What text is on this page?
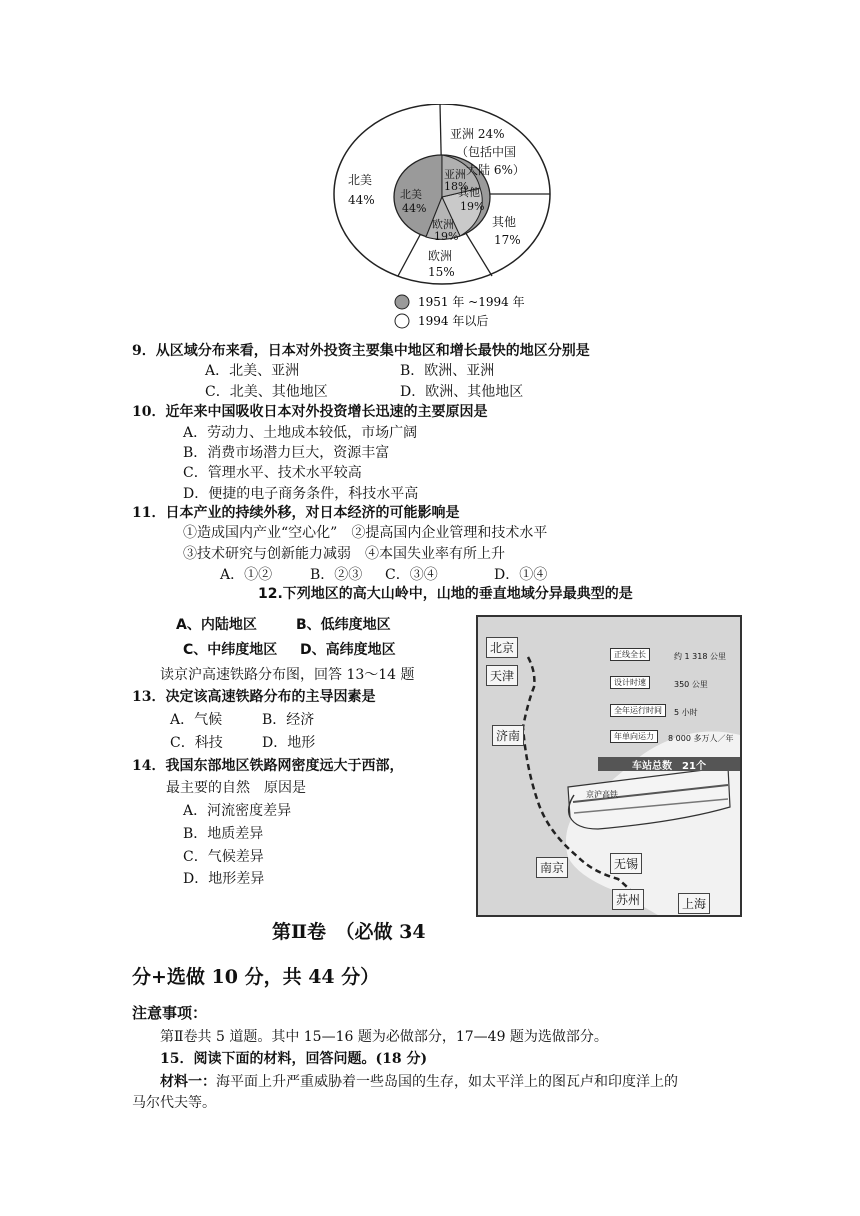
亚洲 24%
（包括中国
大陆 6%）
北美
44%
其他
17%
欧洲
15%
北美
44%
亚洲
18%
其他
19%
欧洲
19%
1951 年 ~1994 年
1994 年以后
9．从区域分布来看，日本对外投资主要集中地区和增长最快的地区分别是
A．北美、亚洲	B．欧洲、亚洲
C．北美、其他地区	D．欧洲、其他地区
10．近年来中国吸收日本对外投资增长迅速的主要原因是
A．劳动力、土地成本较低，市场广阔
B．消费市场潜力巨大，资源丰富
C．管理水平、技术水平较高
D．便捷的电子商务条件，科技水平高
11．日本产业的持续外移，对日本经济的可能影响是
①造成国内产业“空心化”　②提高国内企业管理和技术水平
③技术研究与创新能力减弱　④本国失业率有所上升
A．①②	B．②③ C．③④	D．①④
12.下列地区的高大山岭中，山地的垂直地域分异最典型的是
A、内陆地区	B、低纬度地区
C、中纬度地区 D、高纬度地区
读京沪高速铁路分布图，回答 13～14 题
13．决定该高速铁路分布的主导因素是
A．气候	B．经济
C．科技	D．地形
14．我国东部地区铁路网密度远大于西部，
最主要的自然　原因是
A．河流密度差异
B．地质差异
C．气候差异
D．地形差异
北京
天津
济南
南京	无锡
苏州	上海
正线全长	约 1 318 公里
设计时速	350 公里
全年运行时间	5 小时
年单向运力	8 000 多万人／年
车站总数　21个
京沪高铁
第Ⅱ卷　（必做 34
分+选做 10 分，共 44 分）
注意事项：
第Ⅱ卷共 5 道题。其中 15—16 题为必做部分，17—49 题为选做部分。
15．阅读下面的材料，回答问题。(18 分)
材料一：海平面上升严重威胁着一些岛国的生存，如太平洋上的图瓦卢和印度洋上的
马尔代夫等。
